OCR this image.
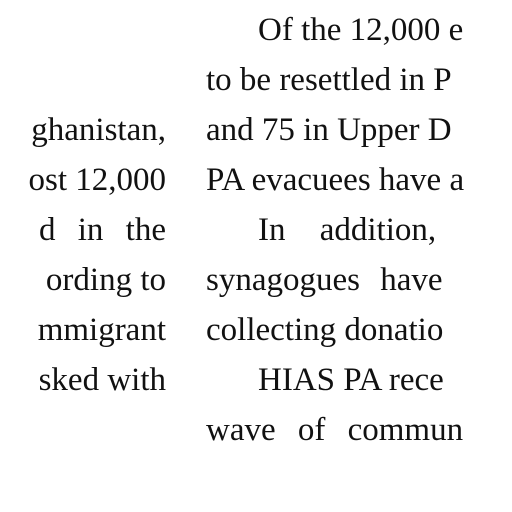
ghanistan,
ost 12,000
d in the
ording to
mmigrant
sked with
Of the 12,000 e
to be resettled in P
and 75 in Upper D
PA evacuees have a
In addition,
synagogues have
collecting donatio
HIAS PA rece
wave of commun
